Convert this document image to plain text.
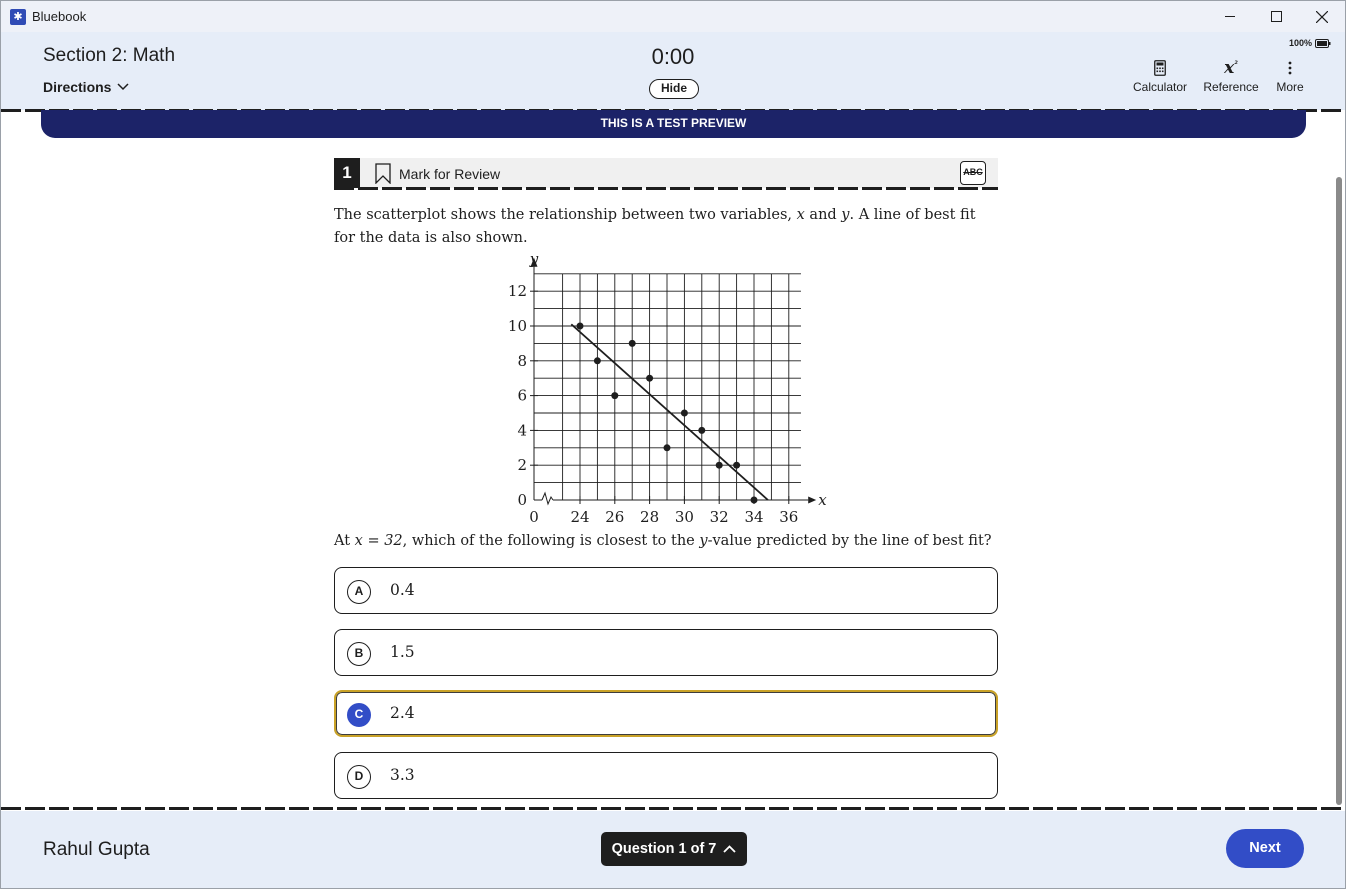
✱ Bluebook
Section 2: Math
Directions
0:00
Hide
100%
Calculator
$x^{^2}$
Reference	More
THIS IS A TEST PREVIEW
1	Mark for Review	ABC
The scatterplot shows the relationship between two variables, x and y. A line of best fit for the data is also shown.
24 26 28 30 32 34 36
2
4
6
8
10
12
0
0	x
y
At x = 32, which of the following is closest to the y-value predicted by the line of best fit?
A	0.4
B	1.5
C	2.4
D	3.3
Rahul Gupta	Question 1 of 7	Next
